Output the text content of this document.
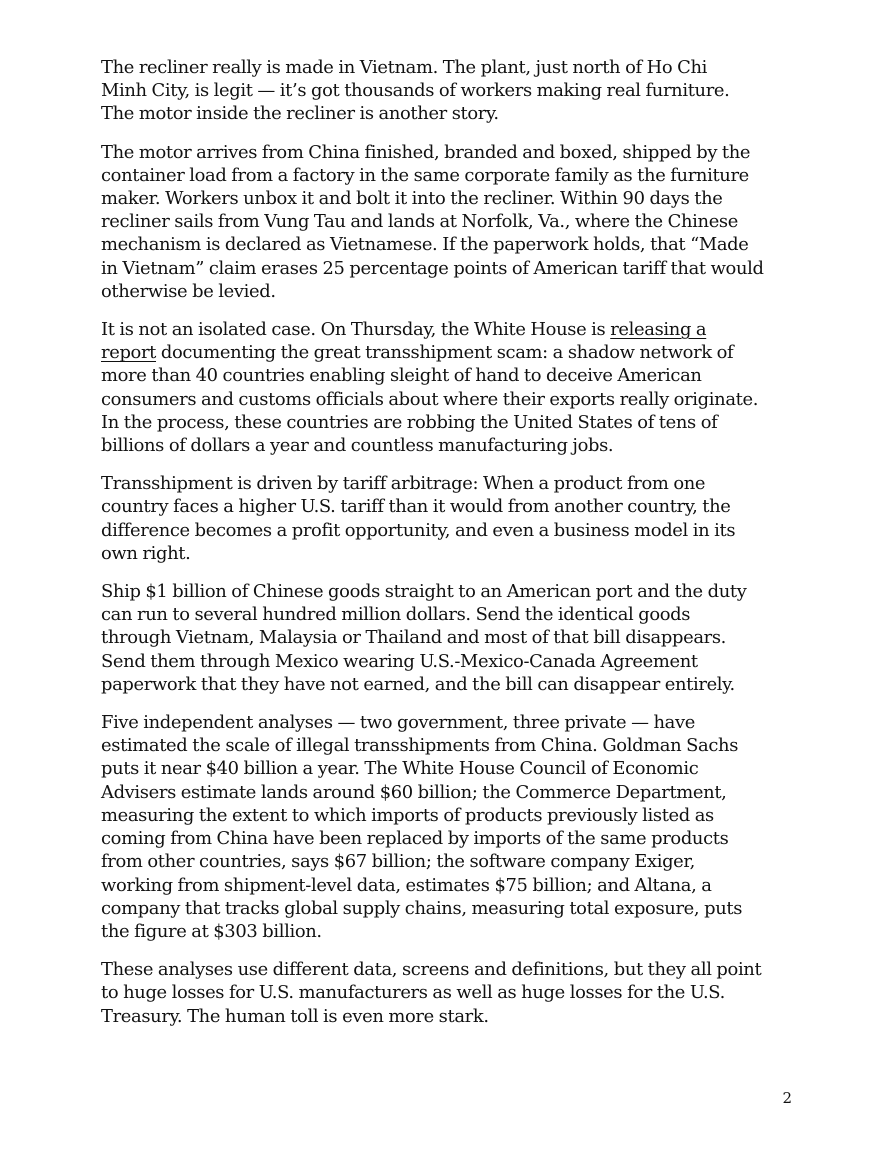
The recliner really is made in Vietnam. The plant, just north of Ho Chi
Minh City, is legit — it’s got thousands of workers making real furniture.
The motor inside the recliner is another story.

The motor arrives from China finished, branded and boxed, shipped by the
container load from a factory in the same corporate family as the furniture
maker. Workers unbox it and bolt it into the recliner. Within 90 days the
recliner sails from Vung Tau and lands at Norfolk, Va., where the Chinese
mechanism is declared as Vietnamese. If the paperwork holds, that “Made
in Vietnam” claim erases 25 percentage points of American tariff that would
otherwise be levied.

It is not an isolated case. On Thursday, the White House is releasing a
report documenting the great transshipment scam: a shadow network of
more than 40 countries enabling sleight of hand to deceive American
consumers and customs officials about where their exports really originate.
In the process, these countries are robbing the United States of tens of
billions of dollars a year and countless manufacturing jobs.

Transshipment is driven by tariff arbitrage: When a product from one
country faces a higher U.S. tariff than it would from another country, the
difference becomes a profit opportunity, and even a business model in its
own right.

Ship $1 billion of Chinese goods straight to an American port and the duty
can run to several hundred million dollars. Send the identical goods
through Vietnam, Malaysia or Thailand and most of that bill disappears.
Send them through Mexico wearing U.S.-Mexico-Canada Agreement
paperwork that they have not earned, and the bill can disappear entirely.

Five independent analyses — two government, three private — have
estimated the scale of illegal transshipments from China. Goldman Sachs
puts it near $40 billion a year. The White House Council of Economic
Advisers estimate lands around $60 billion; the Commerce Department,
measuring the extent to which imports of products previously listed as
coming from China have been replaced by imports of the same products
from other countries, says $67 billion; the software company Exiger,
working from shipment-level data, estimates $75 billion; and Altana, a
company that tracks global supply chains, measuring total exposure, puts
the figure at $303 billion.

These analyses use different data, screens and definitions, but they all point
to huge losses for U.S. manufacturers as well as huge losses for the U.S.
Treasury. The human toll is even more stark.

2
